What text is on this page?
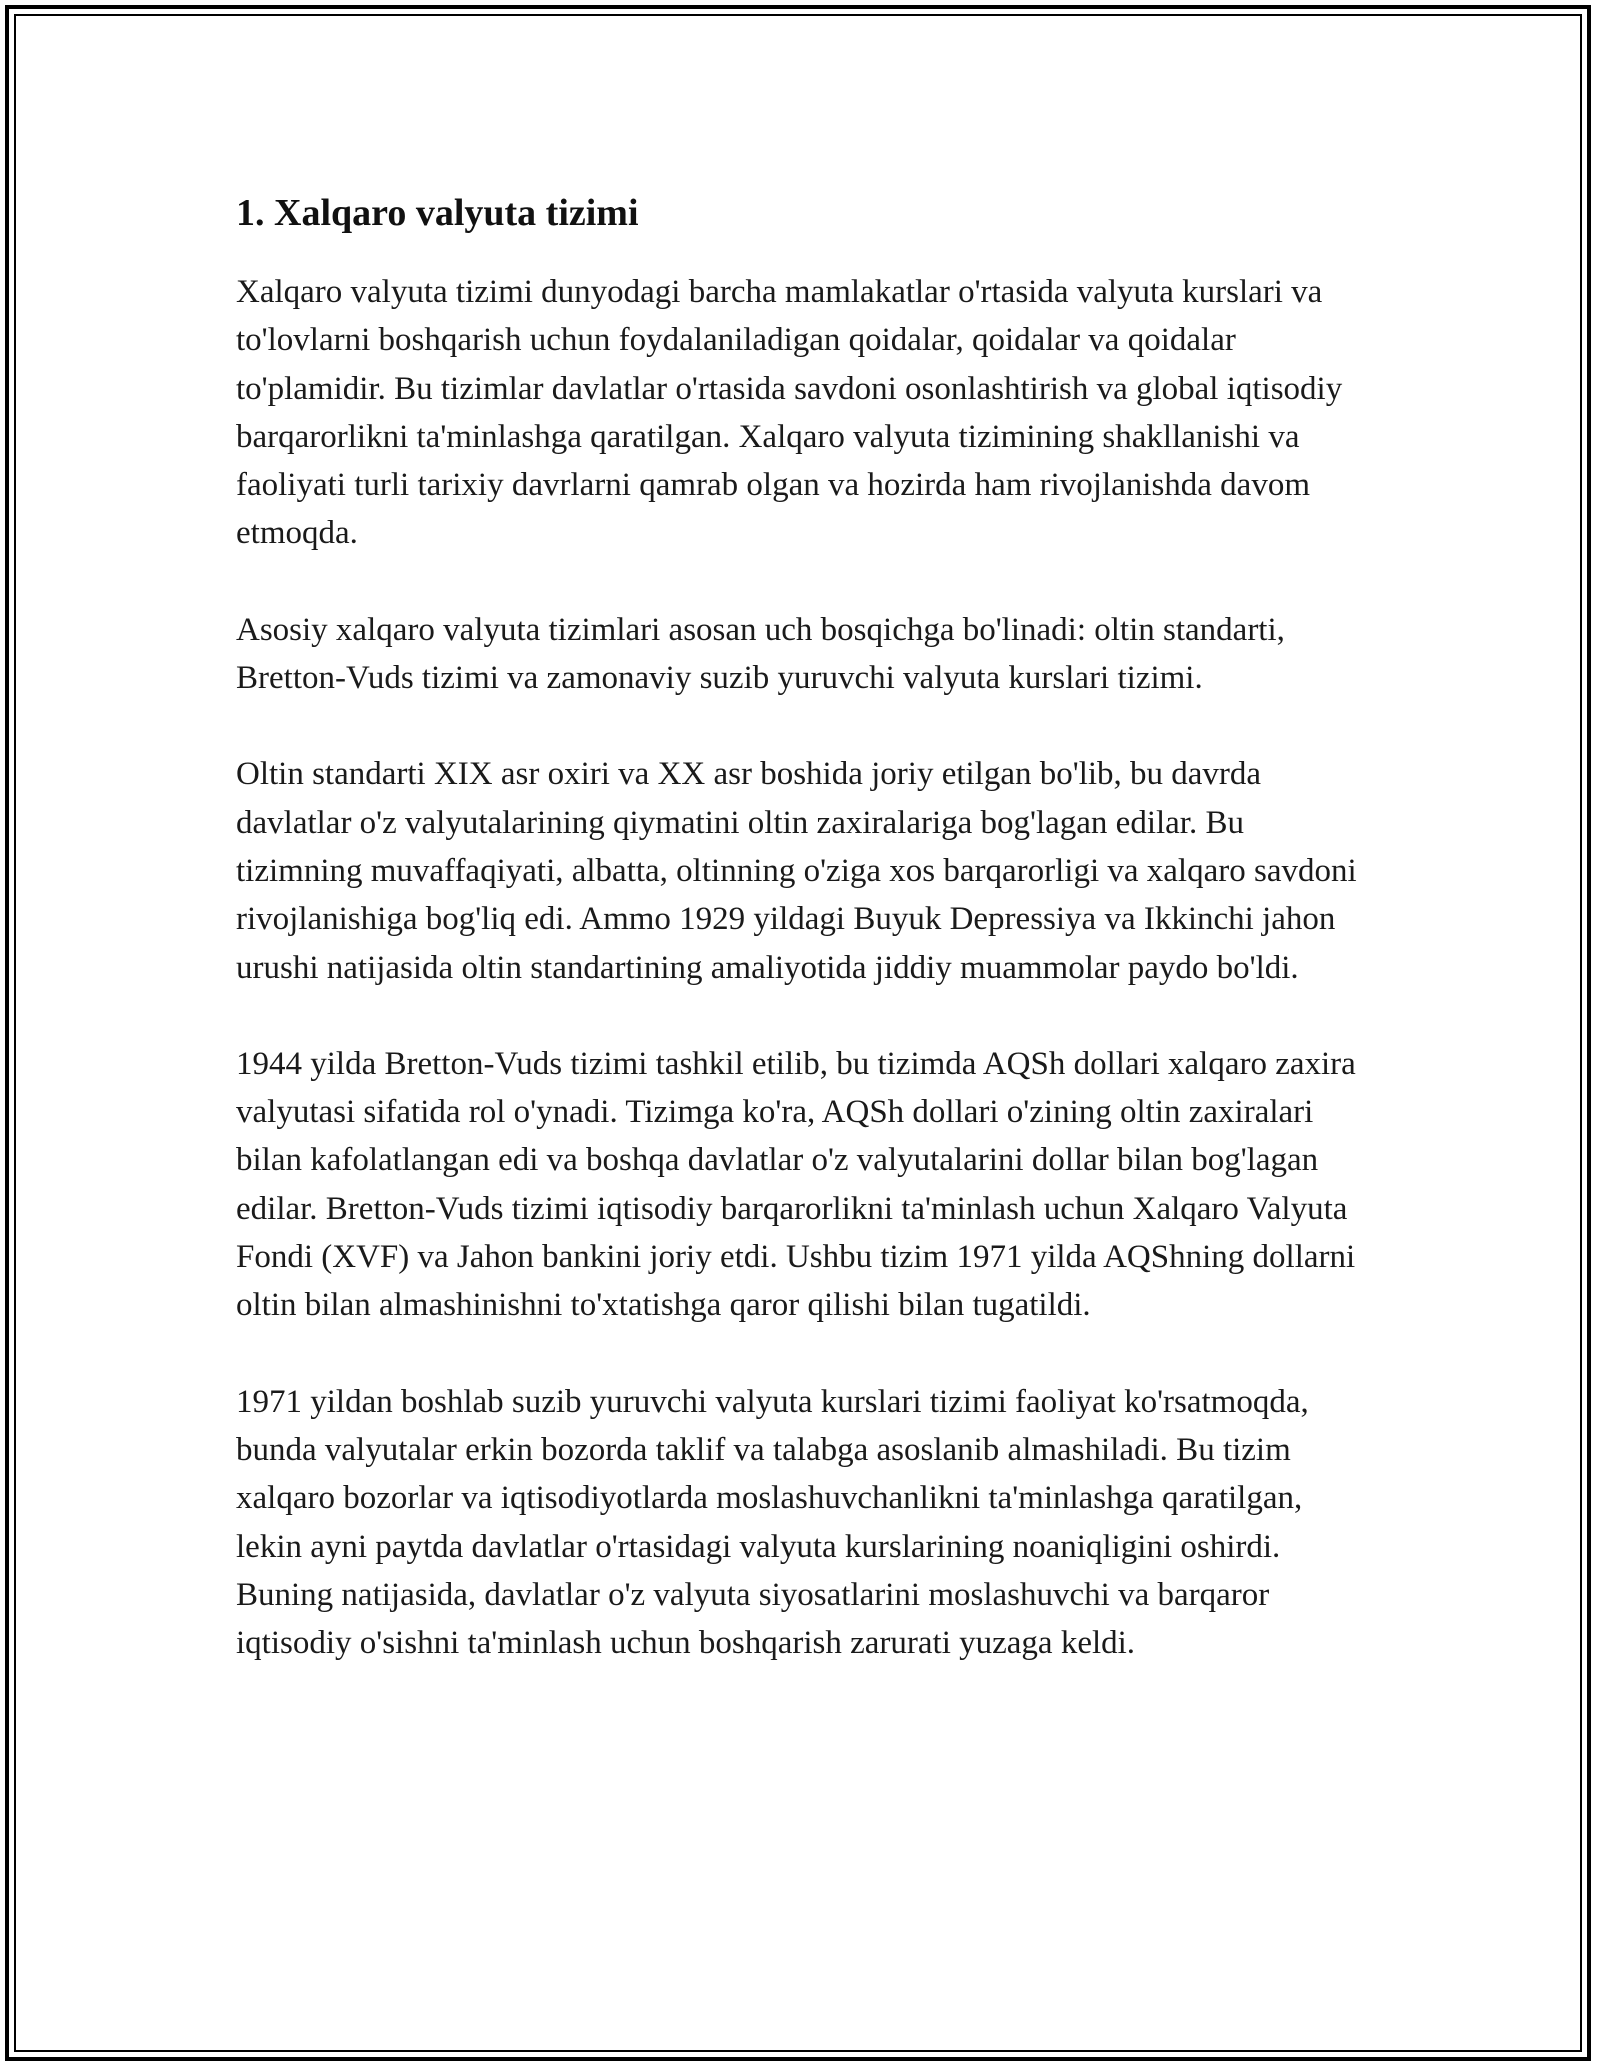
1. Xalqaro valyuta tizimi

Xalqaro valyuta tizimi dunyodagi barcha mamlakatlar o'rtasida valyuta kurslari va to'lovlarni boshqarish uchun foydalaniladigan qoidalar, qoidalar va qoidalar to'plamidir. Bu tizimlar davlatlar o'rtasida savdoni osonlashtirish va global iqtisodiy barqarorlikni ta'minlashga qaratilgan. Xalqaro valyuta tizimining shakllanishi va faoliyati turli tarixiy davrlarni qamrab olgan va hozirda ham rivojlanishda davom etmoqda.

Asosiy xalqaro valyuta tizimlari asosan uch bosqichga bo'linadi: oltin standarti, Bretton-Vuds tizimi va zamonaviy suzib yuruvchi valyuta kurslari tizimi.

Oltin standarti XIX asr oxiri va XX asr boshida joriy etilgan bo'lib, bu davrda davlatlar o'z valyutalarining qiymatini oltin zaxiralariga bog'lagan edilar. Bu tizimning muvaffaqiyati, albatta, oltinning o'ziga xos barqarorligi va xalqaro savdoni rivojlanishiga bog'liq edi. Ammo 1929 yildagi Buyuk Depressiya va Ikkinchi jahon urushi natijasida oltin standartining amaliyotida jiddiy muammolar paydo bo'ldi.

1944 yilda Bretton-Vuds tizimi tashkil etilib, bu tizimda AQSh dollari xalqaro zaxira valyutasi sifatida rol o'ynadi. Tizimga ko'ra, AQSh dollari o'zining oltin zaxiralari bilan kafolatlangan edi va boshqa davlatlar o'z valyutalarini dollar bilan bog'lagan edilar. Bretton-Vuds tizimi iqtisodiy barqarorlikni ta'minlash uchun Xalqaro Valyuta Fondi (XVF) va Jahon bankini joriy etdi. Ushbu tizim 1971 yilda AQShning dollarni oltin bilan almashinishni to'xtatishga qaror qilishi bilan tugatildi.

1971 yildan boshlab suzib yuruvchi valyuta kurslari tizimi faoliyat ko'rsatmoqda, bunda valyutalar erkin bozorda taklif va talabga asoslanib almashiladi. Bu tizim xalqaro bozorlar va iqtisodiyotlarda moslashuvchanlikni ta'minlashga qaratilgan, lekin ayni paytda davlatlar o'rtasidagi valyuta kurslarining noaniqligini oshirdi. Buning natijasida, davlatlar o'z valyuta siyosatlarini moslashuvchi va barqaror iqtisodiy o'sishni ta'minlash uchun boshqarish zarurati yuzaga keldi.
